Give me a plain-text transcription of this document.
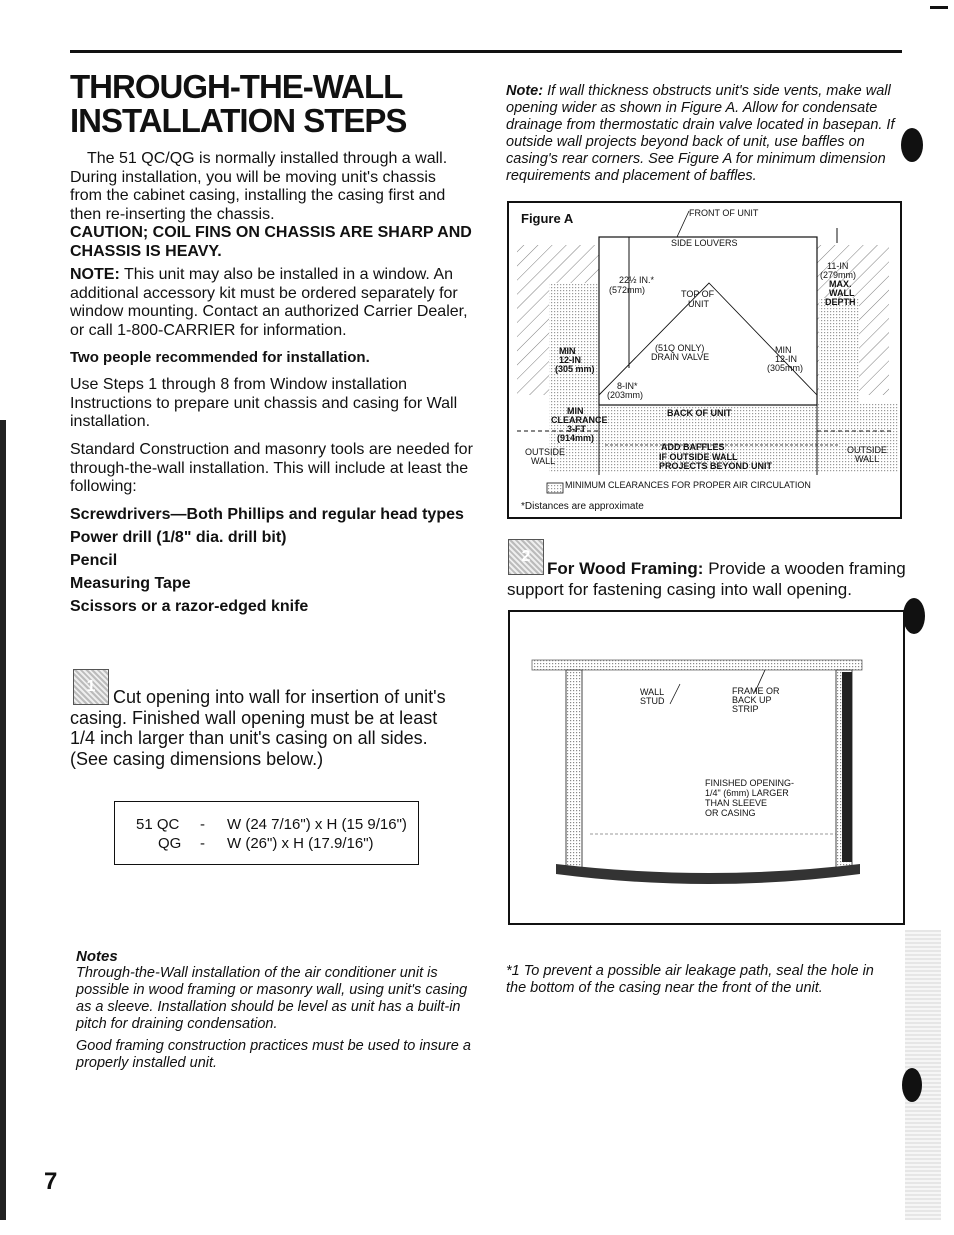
THROUGH-THE-WALL INSTALLATION STEPS

The 51 QC/QG is normally installed through a wall. During installation, you will be moving unit's chassis from the cabinet casing, installing the casing first and then re-inserting the chassis.

CAUTION; COIL FINS ON CHASSIS ARE SHARP AND CHASSIS IS HEAVY.

NOTE: This unit may also be installed in a window. An additional accessory kit must be ordered separately for window mounting. Contact an authorized Carrier Dealer, or call 1-800-CARRIER for information.

Two people recommended for installation.

Use Steps 1 through 8 from Window installation Instructions to prepare unit chassis and casing for Wall installation.

Standard Construction and masonry tools are needed for through-the-wall installation. This will include at least the following:

Screwdrivers—Both Phillips and regular head types
Power drill (1/8" dia. drill bit)
Pencil
Measuring Tape
Scissors or a razor-edged knife
1

Cut opening into wall for insertion of unit's casing. Finished wall opening must be at least 1/4 inch larger than unit's casing on all sides. (See casing dimensions below.)

51 QC - W (24 7/16") x H (15 9/16")
QG - W (26") x H (17.9/16")
Notes

Through-the-Wall installation of the air conditioner unit is possible in wood framing or masonry wall, using unit's casing as a sleeve. Installation should be level as unit has a built-in pitch for draining condensation.

Good framing construction practices must be used to insure a properly installed unit.

7

Note: If wall thickness obstructs unit's side vents, make wall opening wider as shown in Figure A. Allow for condensate drainage from thermostatic drain valve located in basepan. If outside wall projects beyond back of unit, use baffles on casing's rear corners. See Figure A for minimum dimension requirements and placement of baffles.

Figure A	FRONT OF UNIT
SIDE LOUVERS
22½ IN.*
(572mm)	TOP OF
UNIT
11-IN
(279mm)
MAX.
WALL
DEPTH
MIN
12-IN
(305 mm)
(51Q ONLY)
DRAIN VALVE
MIN
12-IN
(305mm)
8-IN*
(203mm)
MIN
CLEARANCE
3-FT
(914mm)
BACK OF UNIT
OUTSIDE
WALL
OUTSIDE
WALL
ADD BAFFLES
IF OUTSIDE WALL
PROJECTS BEYOND UNIT
MINIMUM CLEARANCES FOR PROPER AIR CIRCULATION
*Distances are approximate
2

For Wood Framing: Provide a wooden framing support for fastening casing into wall opening.

WALL
STUD
FRAME OR
BACK UP
STRIP
FINISHED OPENING-
1/4" (6mm) LARGER
THAN SLEEVE
OR CASING

*1 To prevent a possible air leakage path, seal the hole in the bottom of the casing near the front of the unit.
